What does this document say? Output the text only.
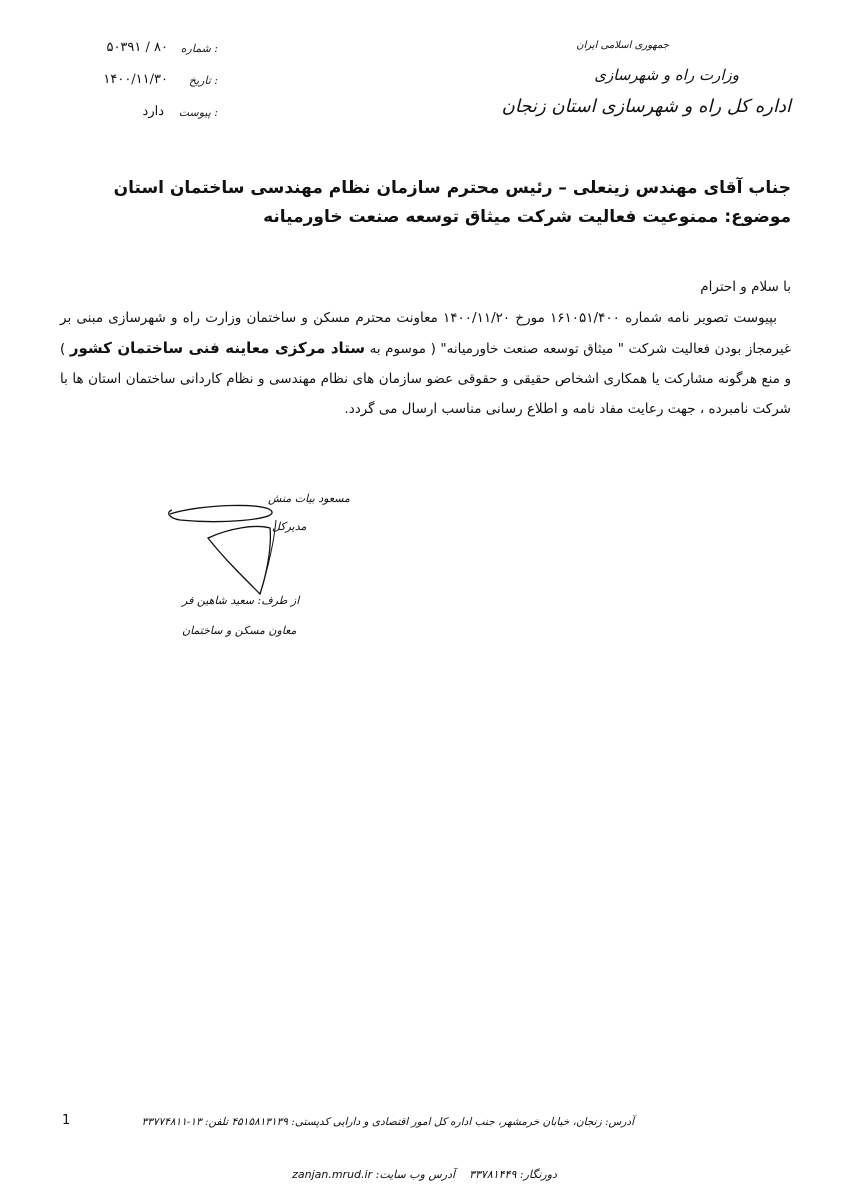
شماره :
۵۰۳۹۱ / ۸۰
تاریخ :
۱۴۰۰/۱۱/۳۰
پیوست :
دارد
جمهوری اسلامی ایران
وزارت راه و شهرسازی
اداره کل راه و شهرسازی استان زنجان
جناب آقای مهندس زینعلی – رئیس محترم سازمان نظام مهندسی ساختمان استان
موضوع: ممنوعیت فعالیت شرکت میثاق توسعه صنعت خاورمیانه
با سلام و احترام
بپیوست تصویر نامه شماره ۱۶۱۰۵۱/۴۰۰ مورخ ۱۴۰۰/۱۱/۲۰ معاونت محترم مسکن و ساختمان وزارت راه و شهرسازی مبنی بر غیرمجاز بودن فعالیت شرکت " میثاق توسعه صنعت خاورمیانه" ( موسوم به ستاد مرکزی معاینه فنی ساختمان کشور ) و منع هرگونه مشارکت یا همکاری اشخاص حقیقی و حقوقی عضو سازمان های نظام مهندسی و نظام کاردانی ساختمان استان ها با شرکت نامبرده ، جهت رعایت مفاد نامه و اطلاع رسانی مناسب ارسال می گردد.
مسعود بیات منش
مدیرکل
از طرف: سعید شاهین فر
معاون مسکن و ساختمان
1	آدرس: زنجان، خیابان خرمشهر، جنب اداره کل امور اقتصادی و دارایی کدپستی: ۴۵۱۵۸۱۳۱۳۹ تلفن: ۱۳-۳۳۷۷۴۸۱۱
دورنگار: ۳۳۷۸۱۴۴۹    آدرس وب سایت: zanjan.mrud.ir
